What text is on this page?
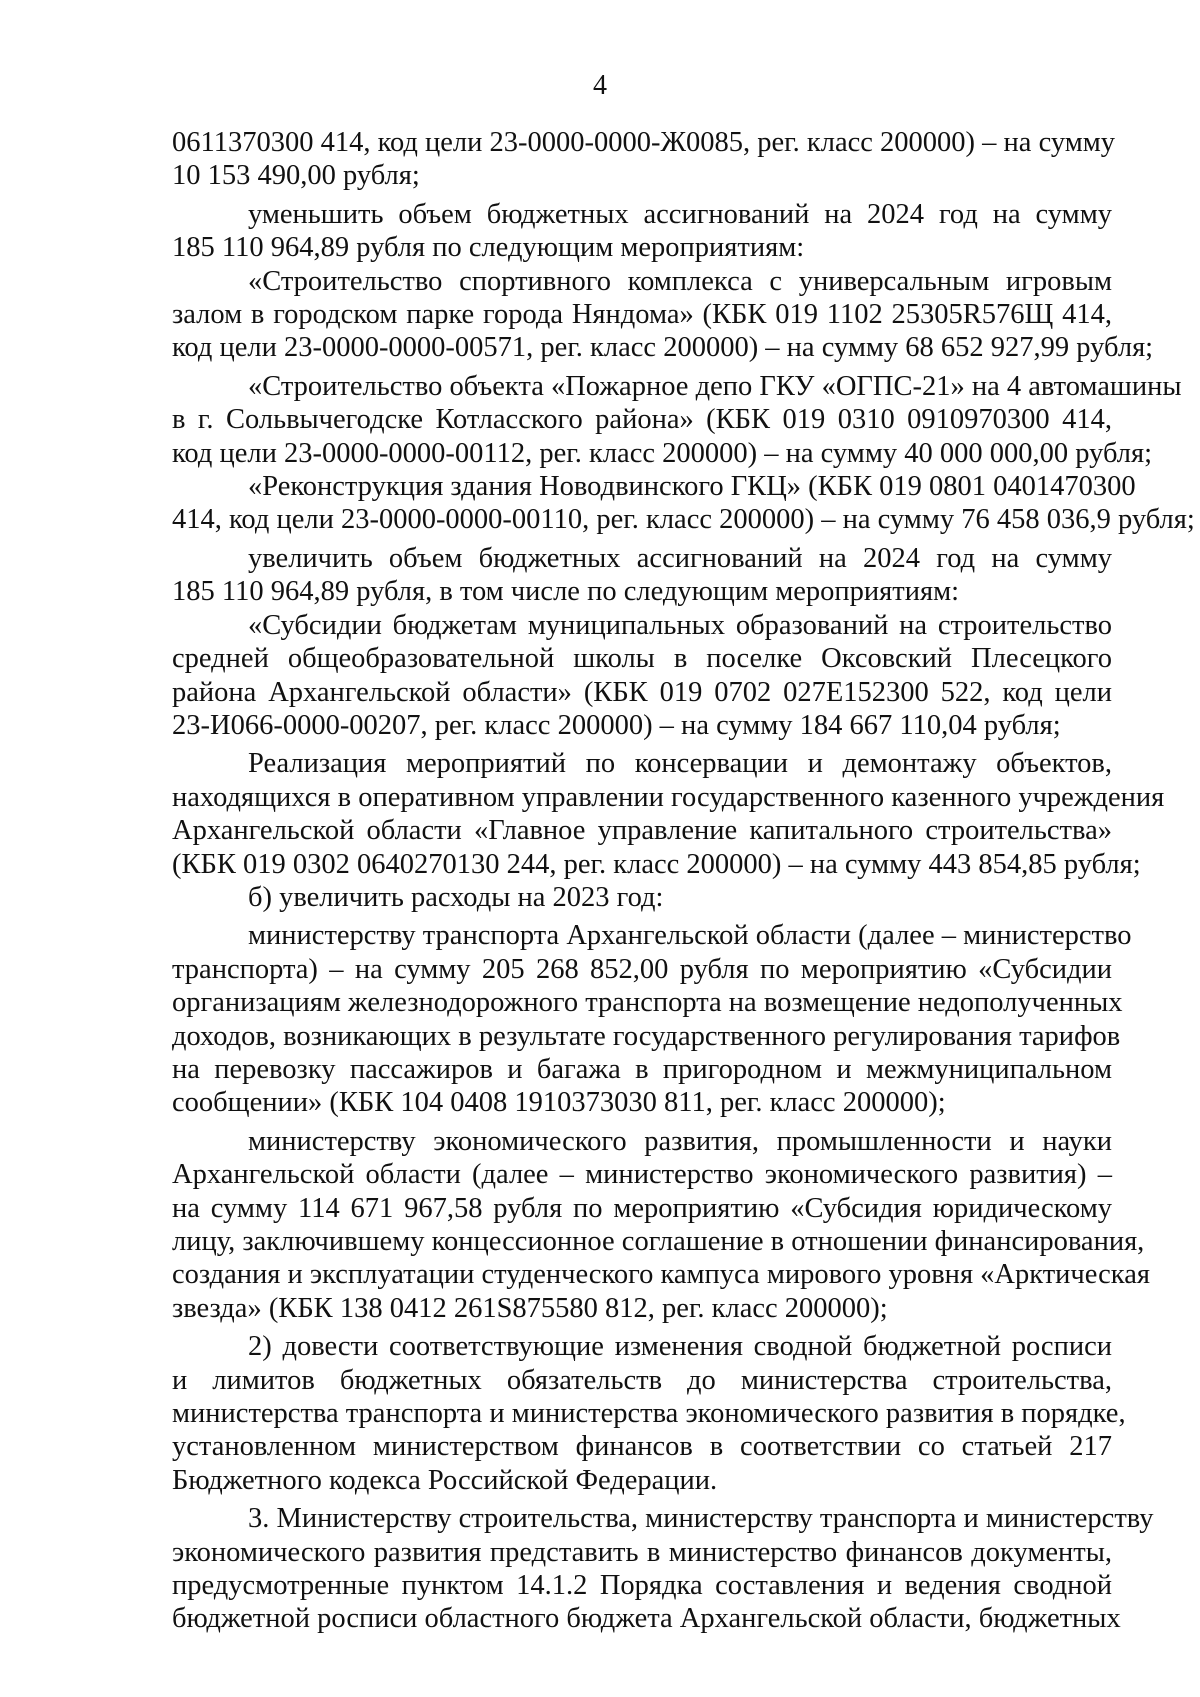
4
0611370300 414, код цели 23-0000-0000-Ж0085, рег. класс 200000) – на сумму
10 153 490,00 рубля;
уменьшить объем бюджетных ассигнований на 2024 год на сумму
185 110 964,89 рубля по следующим мероприятиям:
«Строительство спортивного комплекса с универсальным игровым
залом в городском парке города Няндома» (КБК 019 1102 25305R576Щ 414,
код цели 23-0000-0000-00571, рег. класс 200000) – на сумму 68 652 927,99 рубля;
«Строительство объекта «Пожарное депо ГКУ «ОГПС-21» на 4 автомашины
в г. Сольвычегодске Котласского района» (КБК 019 0310 0910970300 414,
код цели 23-0000-0000-00112, рег. класс 200000) – на сумму 40 000 000,00 рубля;
«Реконструкция здания Новодвинского ГКЦ» (КБК 019 0801 0401470300
414, код цели 23-0000-0000-00110, рег. класс 200000) – на сумму 76 458 036,9 рубля;
увеличить объем бюджетных ассигнований на 2024 год на сумму
185 110 964,89 рубля, в том числе по следующим мероприятиям:
«Субсидии бюджетам муниципальных образований на строительство
средней общеобразовательной школы в поселке Оксовский Плесецкого
района Архангельской области» (КБК 019 0702 027E152300 522, код цели
23-И066-0000-00207, рег. класс 200000) – на сумму 184 667 110,04 рубля;
Реализация мероприятий по консервации и демонтажу объектов,
находящихся в оперативном управлении государственного казенного учреждения
Архангельской области «Главное управление капитального строительства»
(КБК 019 0302 0640270130 244, рег. класс 200000) – на сумму 443 854,85 рубля;
б) увеличить расходы на 2023 год:
министерству транспорта Архангельской области (далее – министерство
транспорта) – на сумму 205 268 852,00 рубля по мероприятию «Субсидии
организациям железнодорожного транспорта на возмещение недополученных
доходов, возникающих в результате государственного регулирования тарифов
на перевозку пассажиров и багажа в пригородном и межмуниципальном
сообщении» (КБК 104 0408 1910373030 811, рег. класс 200000);
министерству экономического развития, промышленности и науки
Архангельской области (далее – министерство экономического развития) –
на сумму 114 671 967,58 рубля по мероприятию «Субсидия юридическому
лицу, заключившему концессионное соглашение в отношении финансирования,
создания и эксплуатации студенческого кампуса мирового уровня «Арктическая
звезда» (КБК 138 0412 261S875580 812, рег. класс 200000);
2) довести соответствующие изменения сводной бюджетной росписи
и лимитов бюджетных обязательств до министерства строительства,
министерства транспорта и министерства экономического развития в порядке,
установленном министерством финансов в соответствии со статьей 217
Бюджетного кодекса Российской Федерации.
3. Министерству строительства, министерству транспорта и министерству
экономического развития представить в министерство финансов документы,
предусмотренные пунктом 14.1.2 Порядка составления и ведения сводной
бюджетной росписи областного бюджета Архангельской области, бюджетных
